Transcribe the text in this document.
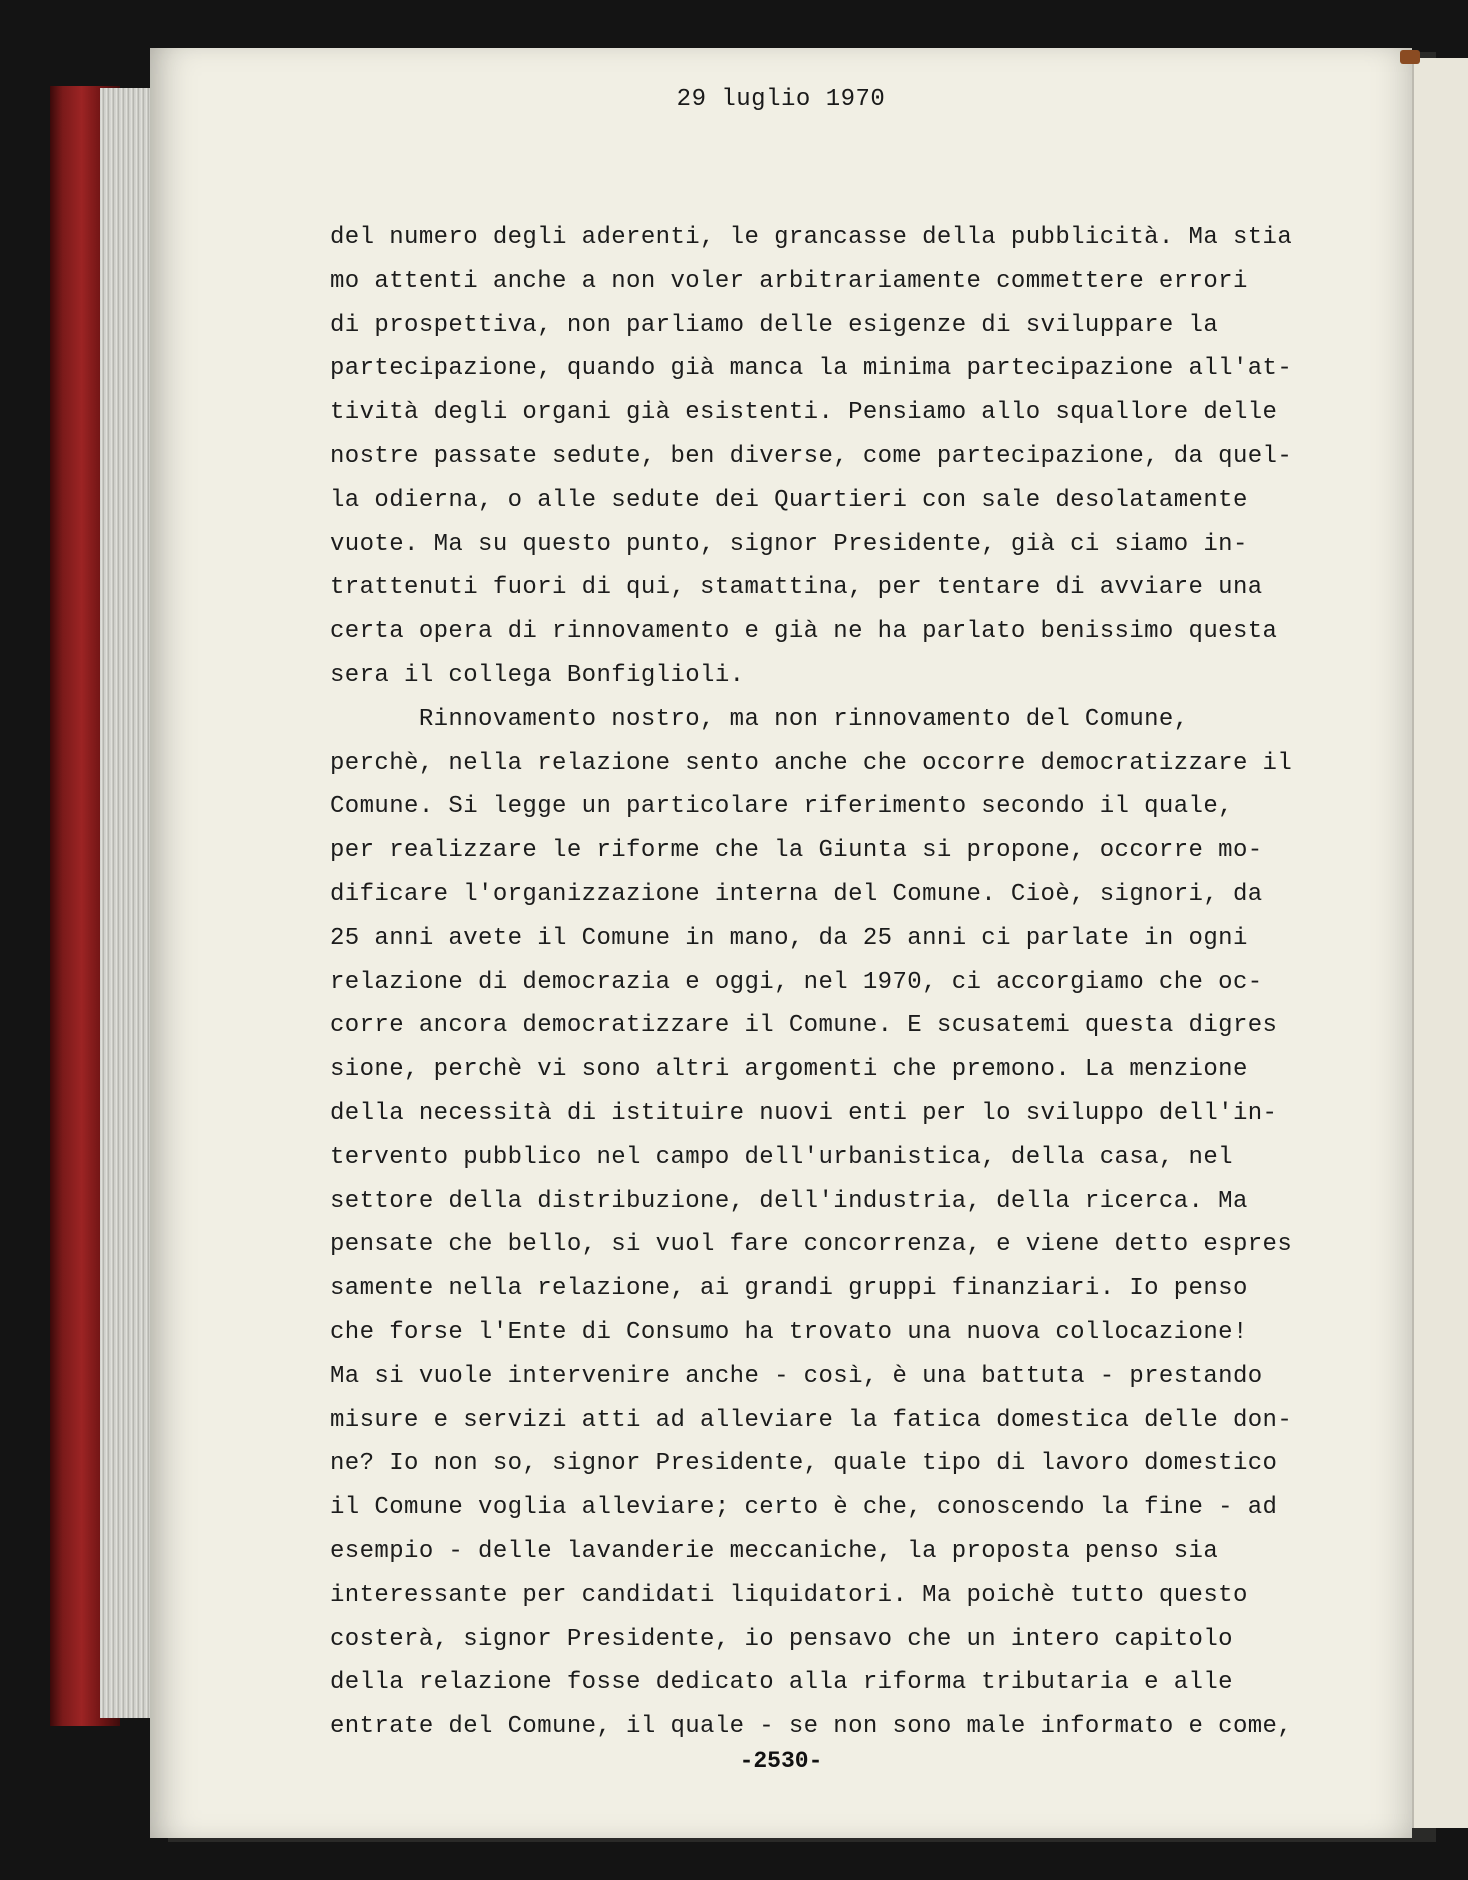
29 luglio 1970
del numero degli aderenti, le grancasse della pubblicità. Ma stia
mo attenti anche a non voler arbitrariamente commettere errori
di prospettiva, non parliamo delle esigenze di sviluppare la
partecipazione, quando già manca la minima partecipazione all'at-
tività degli organi già esistenti. Pensiamo allo squallore delle
nostre passate sedute, ben diverse, come partecipazione, da quel-
la odierna, o alle sedute dei Quartieri con sale desolatamente
vuote. Ma su questo punto, signor Presidente, già ci siamo in-
trattenuti fuori di qui, stamattina, per tentare di avviare una
certa opera di rinnovamento e già ne ha parlato benissimo questa
sera il collega Bonfiglioli.
Rinnovamento nostro, ma non rinnovamento del Comune,
perchè, nella relazione sento anche che occorre democratizzare il
Comune. Si legge un particolare riferimento secondo il quale,
per realizzare le riforme che la Giunta si propone, occorre mo-
dificare l'organizzazione interna del Comune. Cioè, signori, da
25 anni avete il Comune in mano, da 25 anni ci parlate in ogni
relazione di democrazia e oggi, nel 1970, ci accorgiamo che oc-
corre ancora democratizzare il Comune. E scusatemi questa digres
sione, perchè vi sono altri argomenti che premono. La menzione
della necessità di istituire nuovi enti per lo sviluppo dell'in-
tervento pubblico nel campo dell'urbanistica, della casa, nel
settore della distribuzione, dell'industria, della ricerca. Ma
pensate che bello, si vuol fare concorrenza, e viene detto espres
samente nella relazione, ai grandi gruppi finanziari. Io penso
che forse l'Ente di Consumo ha trovato una nuova collocazione!
Ma si vuole intervenire anche - così, è una battuta - prestando
misure e servizi atti ad alleviare la fatica domestica delle don-
ne? Io non so, signor Presidente, quale tipo di lavoro domestico
il Comune voglia alleviare; certo è che, conoscendo la fine - ad
esempio - delle lavanderie meccaniche, la proposta penso sia
interessante per candidati liquidatori. Ma poichè tutto questo
costerà, signor Presidente, io pensavo che un intero capitolo
della relazione fosse dedicato alla riforma tributaria e alle
entrate del Comune, il quale - se non sono male informato e come,
-2530-
